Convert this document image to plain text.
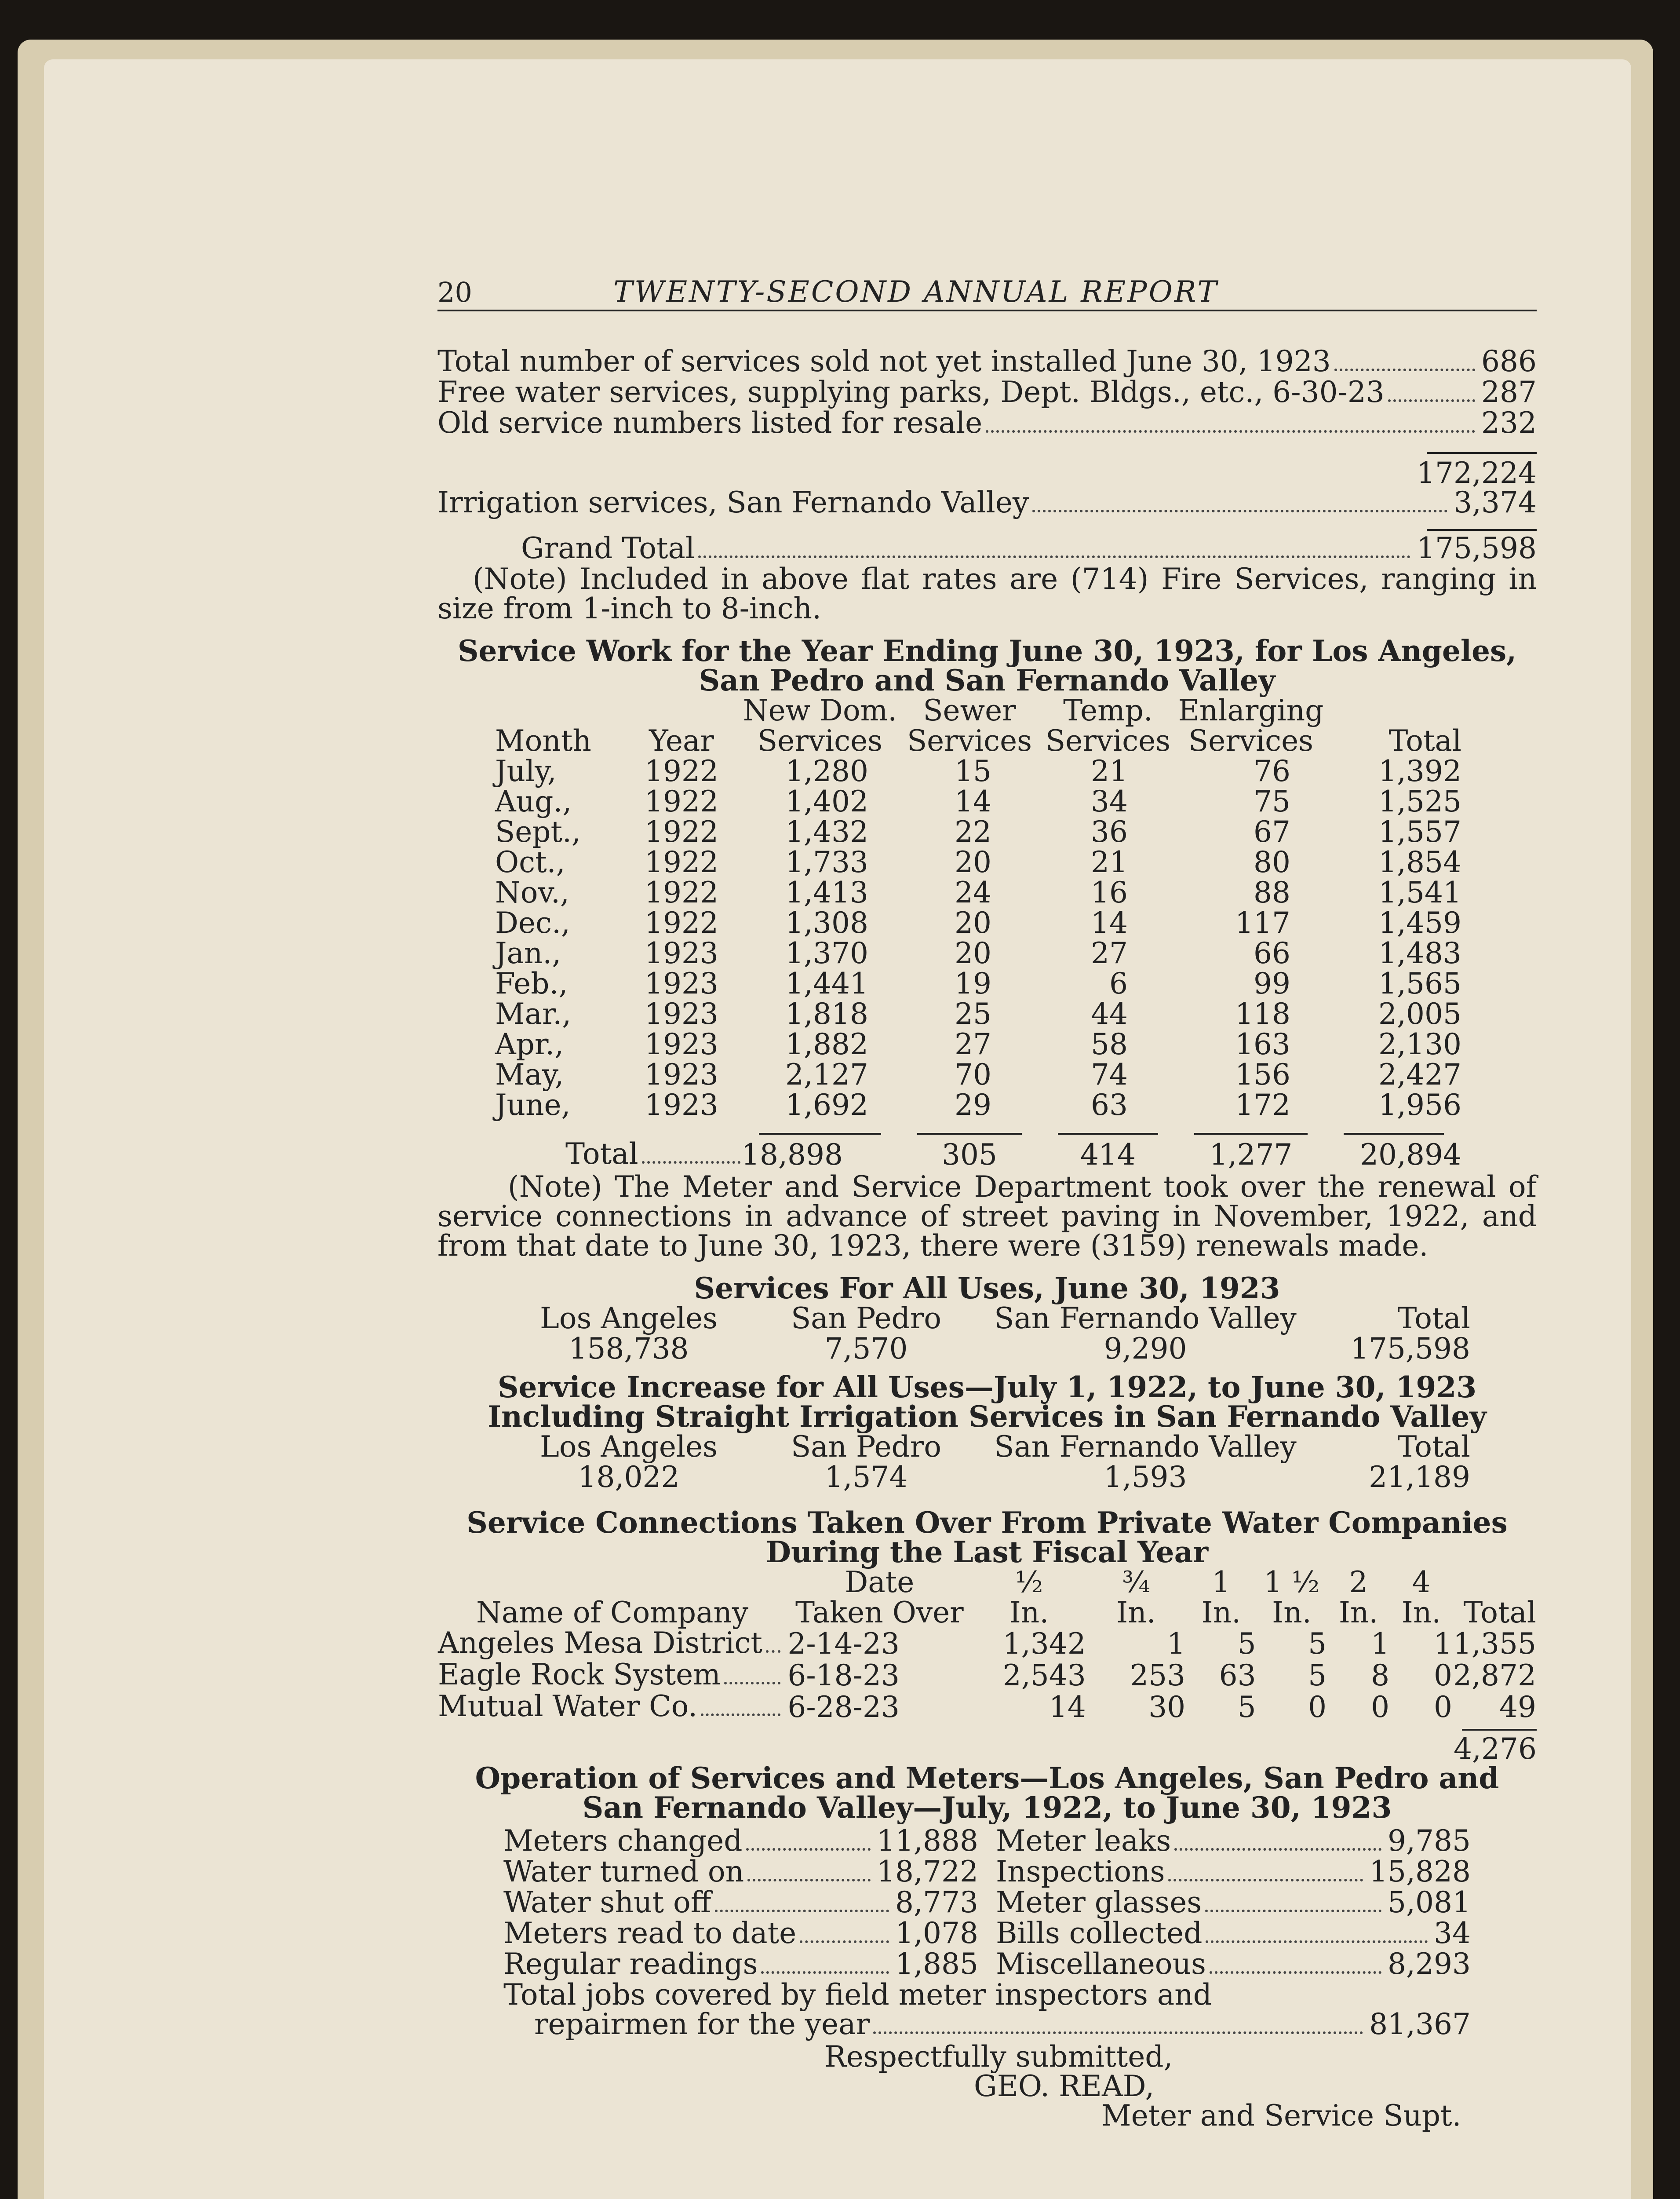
20	TWENTY-SECOND ANNUAL REPORT
Total number of services sold not yet installed June 30, 1923	686
Free water services, supplying parks, Dept. Bldgs., etc., 6-30-23	287
Old service numbers listed for resale	232
172,224
Irrigation services, San Fernando Valley	3,374
Grand Total	175,598
(Note) Included in above flat rates are (714) Fire Services, ranging in size from 1-inch to 8-inch.
Service Work for the Year Ending June 30, 1923, for Los Angeles,
San Pedro and San Fernando Valley
		New Dom.	Sewer	Temp.	Enlarging	
Month	Year	Services	Services	Services	Services	Total
July,	1922	1,280	15	21	76	1,392
Aug.,	1922	1,402	14	34	75	1,525
Sept.,	1922	1,432	22	36	67	1,557
Oct.,	1922	1,733	20	21	80	1,854
Nov.,	1922	1,413	24	16	88	1,541
Dec.,	1922	1,308	20	14	117	1,459
Jan.,	1923	1,370	20	27	66	1,483
Feb.,	1923	1,441	19	6	99	1,565
Mar.,	1923	1,818	25	44	118	2,005
Apr.,	1923	1,882	27	58	163	2,130
May,	1923	2,127	70	74	156	2,427
June,	1923	1,692	29	63	172	1,956

Total		18,898	305	414	1,277	20,894
(Note) The Meter and Service Department took over the renewal of service connections in advance of street paving in November, 1922, and from that date to June 30, 1923, there were (3159) renewals made.
Services For All Uses, June 30, 1923
Los Angeles	San Pedro	San Fernando Valley	Total
158,738	7,570	9,290	175,598
Service Increase for All Uses—July 1, 1922, to June 30, 1923
Including Straight Irrigation Services in San Fernando Valley
Los Angeles	San Pedro	San Fernando Valley	Total
18,022	1,574	1,593	21,189
Service Connections Taken Over From Private Water Companies
During the Last Fiscal Year
	Date	½	¾	1	1 ½	2	4	
Name of Company	Taken Over	In.	In.	In.	In.	In.	In.	Total

Angeles Mesa District	2-14-23	1,342	1	5	5	1	1	1,355

Eagle Rock System	6-18-23	2,543	253	63	5	8	0	2,872

Mutual Water Co.	6-28-23	14	30	5	0	0	0	49
4,276
Operation of Services and Meters—Los Angeles, San Pedro and
San Fernando Valley—July, 1922, to June 30, 1923
Meters changed	11,888
Water turned on	18,722
Water shut off	8,773
Meters read to date	1,078
Regular readings	1,885
Meter leaks	9,785
Inspections	15,828
Meter glasses	5,081
Bills collected	34
Miscellaneous	8,293
Total jobs covered by field meter inspectors and
repairmen for the year	81,367
Respectfully submitted,
GEO. READ,
Meter and Service Supt.
